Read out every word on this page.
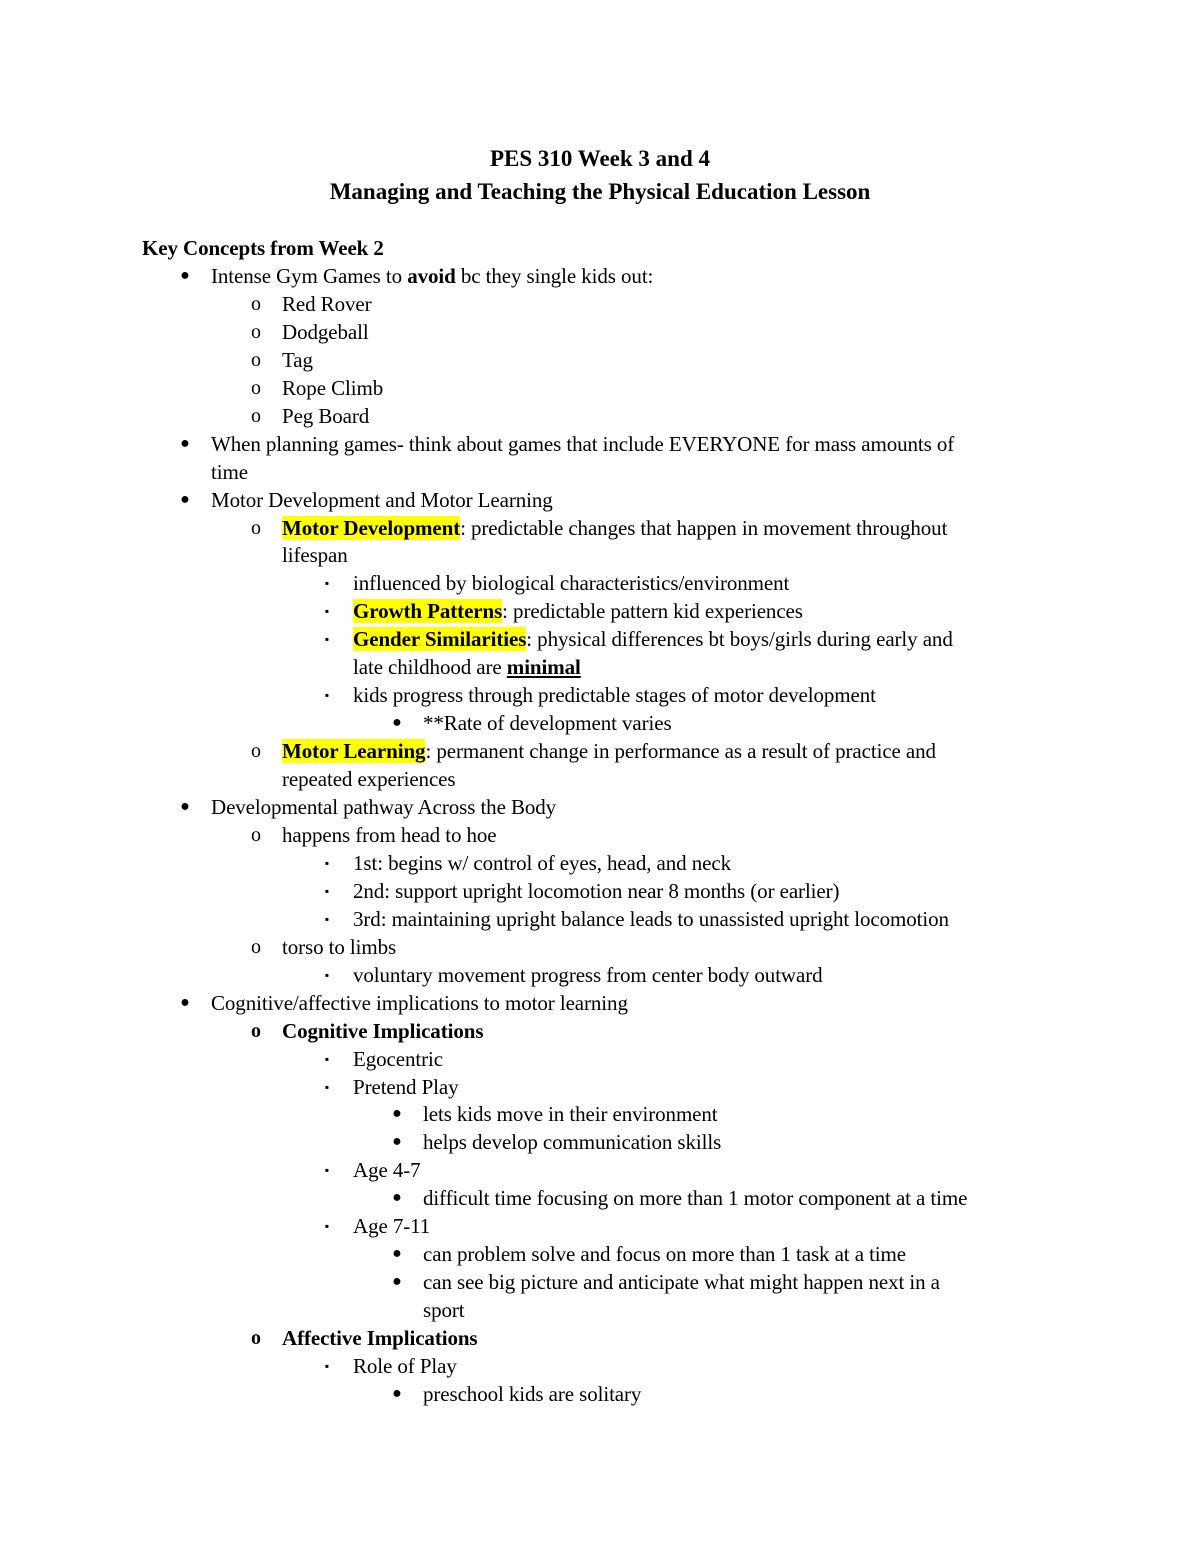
PES 310 Week 3 and 4
Managing and Teaching the Physical Education Lesson
Key Concepts from Week 2
●	Intense Gym Games to avoid bc they single kids out:
o	Red Rover
o	Dodgeball
o	Tag
o	Rope Climb
o	Peg Board
●	When planning games- think about games that include EVERYONE for mass amounts of
time
●	Motor Development and Motor Learning
o	Motor Development: predictable changes that happen in movement throughout
lifespan
▪	influenced by biological characteristics/environment
▪	Growth Patterns: predictable pattern kid experiences
▪	Gender Similarities: physical differences bt boys/girls during early and
late childhood are minimal
▪	kids progress through predictable stages of motor development
●	**Rate of development varies
o	Motor Learning: permanent change in performance as a result of practice and
repeated experiences
●	Developmental pathway Across the Body
o	happens from head to hoe
▪	1st: begins w/ control of eyes, head, and neck
▪	2nd: support upright locomotion near 8 months (or earlier)
▪	3rd: maintaining upright balance leads to unassisted upright locomotion
o	torso to limbs
▪	voluntary movement progress from center body outward
●	Cognitive/affective implications to motor learning
o	Cognitive Implications
▪	Egocentric
▪	Pretend Play
●	lets kids move in their environment
●	helps develop communication skills
▪	Age 4-7
●	difficult time focusing on more than 1 motor component at a time
▪	Age 7-11
●	can problem solve and focus on more than 1 task at a time
●	can see big picture and anticipate what might happen next in a
sport
o	Affective Implications
▪	Role of Play
●	preschool kids are solitary
